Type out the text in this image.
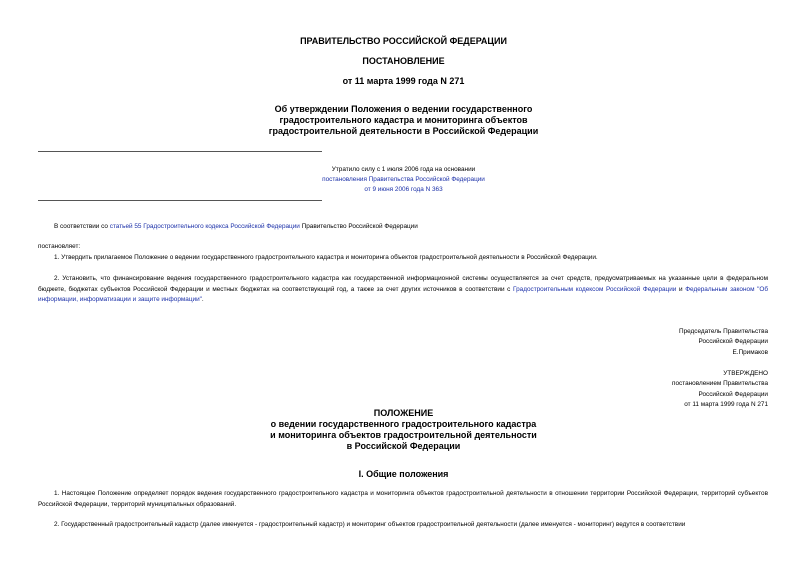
ПРАВИТЕЛЬСТВО РОССИЙСКОЙ ФЕДЕРАЦИИ
ПОСТАНОВЛЕНИЕ
от 11 марта 1999 года N 271
Об утверждении Положения о ведении государственного
градостроительного кадастра и мониторинга объектов
градостроительной деятельности в Российской Федерации
Утратило силу с 1 июля 2006 года на основании
постановления Правительства Российской Федерации
от 9 июня 2006 года N 363
В соответствии со статьей 55 Градостроительного кодекса Российской Федерации Правительство Российской Федерации
постановляет:
1. Утвердить прилагаемое Положение о ведении государственного градостроительного кадастра и мониторинга объектов градостроительной деятельности в Российской Федерации.
2. Установить, что финансирование ведения государственного градостроительного кадастра как государственной информационной системы осуществляется за счет средств, предусматриваемых на указанные цели в федеральном бюджете, бюджетах субъектов Российской Федерации и местных бюджетах на соответствующий год, а также за счет других источников в соответствии с Градостроительным кодексом Российской Федерации и Федеральным законом "Об информации, информатизации и защите информации".
Председатель Правительства
Российской Федерации
Е.Примаков
УТВЕРЖДЕНО
постановлением Правительства
Российской Федерации
от 11 марта 1999 года N 271
ПОЛОЖЕНИЕ
о ведении государственного градостроительного кадастра
и мониторинга объектов градостроительной деятельности
в Российской Федерации
I. Общие положения
1. Настоящее Положение определяет порядок ведения государственного градостроительного кадастра и мониторинга объектов градостроительной деятельности в отношении территории Российской Федерации, территорий субъектов Российской Федерации, территорий муниципальных образований.
2. Государственный градостроительный кадастр (далее именуется - градостроительный кадастр) и мониторинг объектов градостроительной деятельности (далее именуется - мониторинг) ведутся в соответствии
